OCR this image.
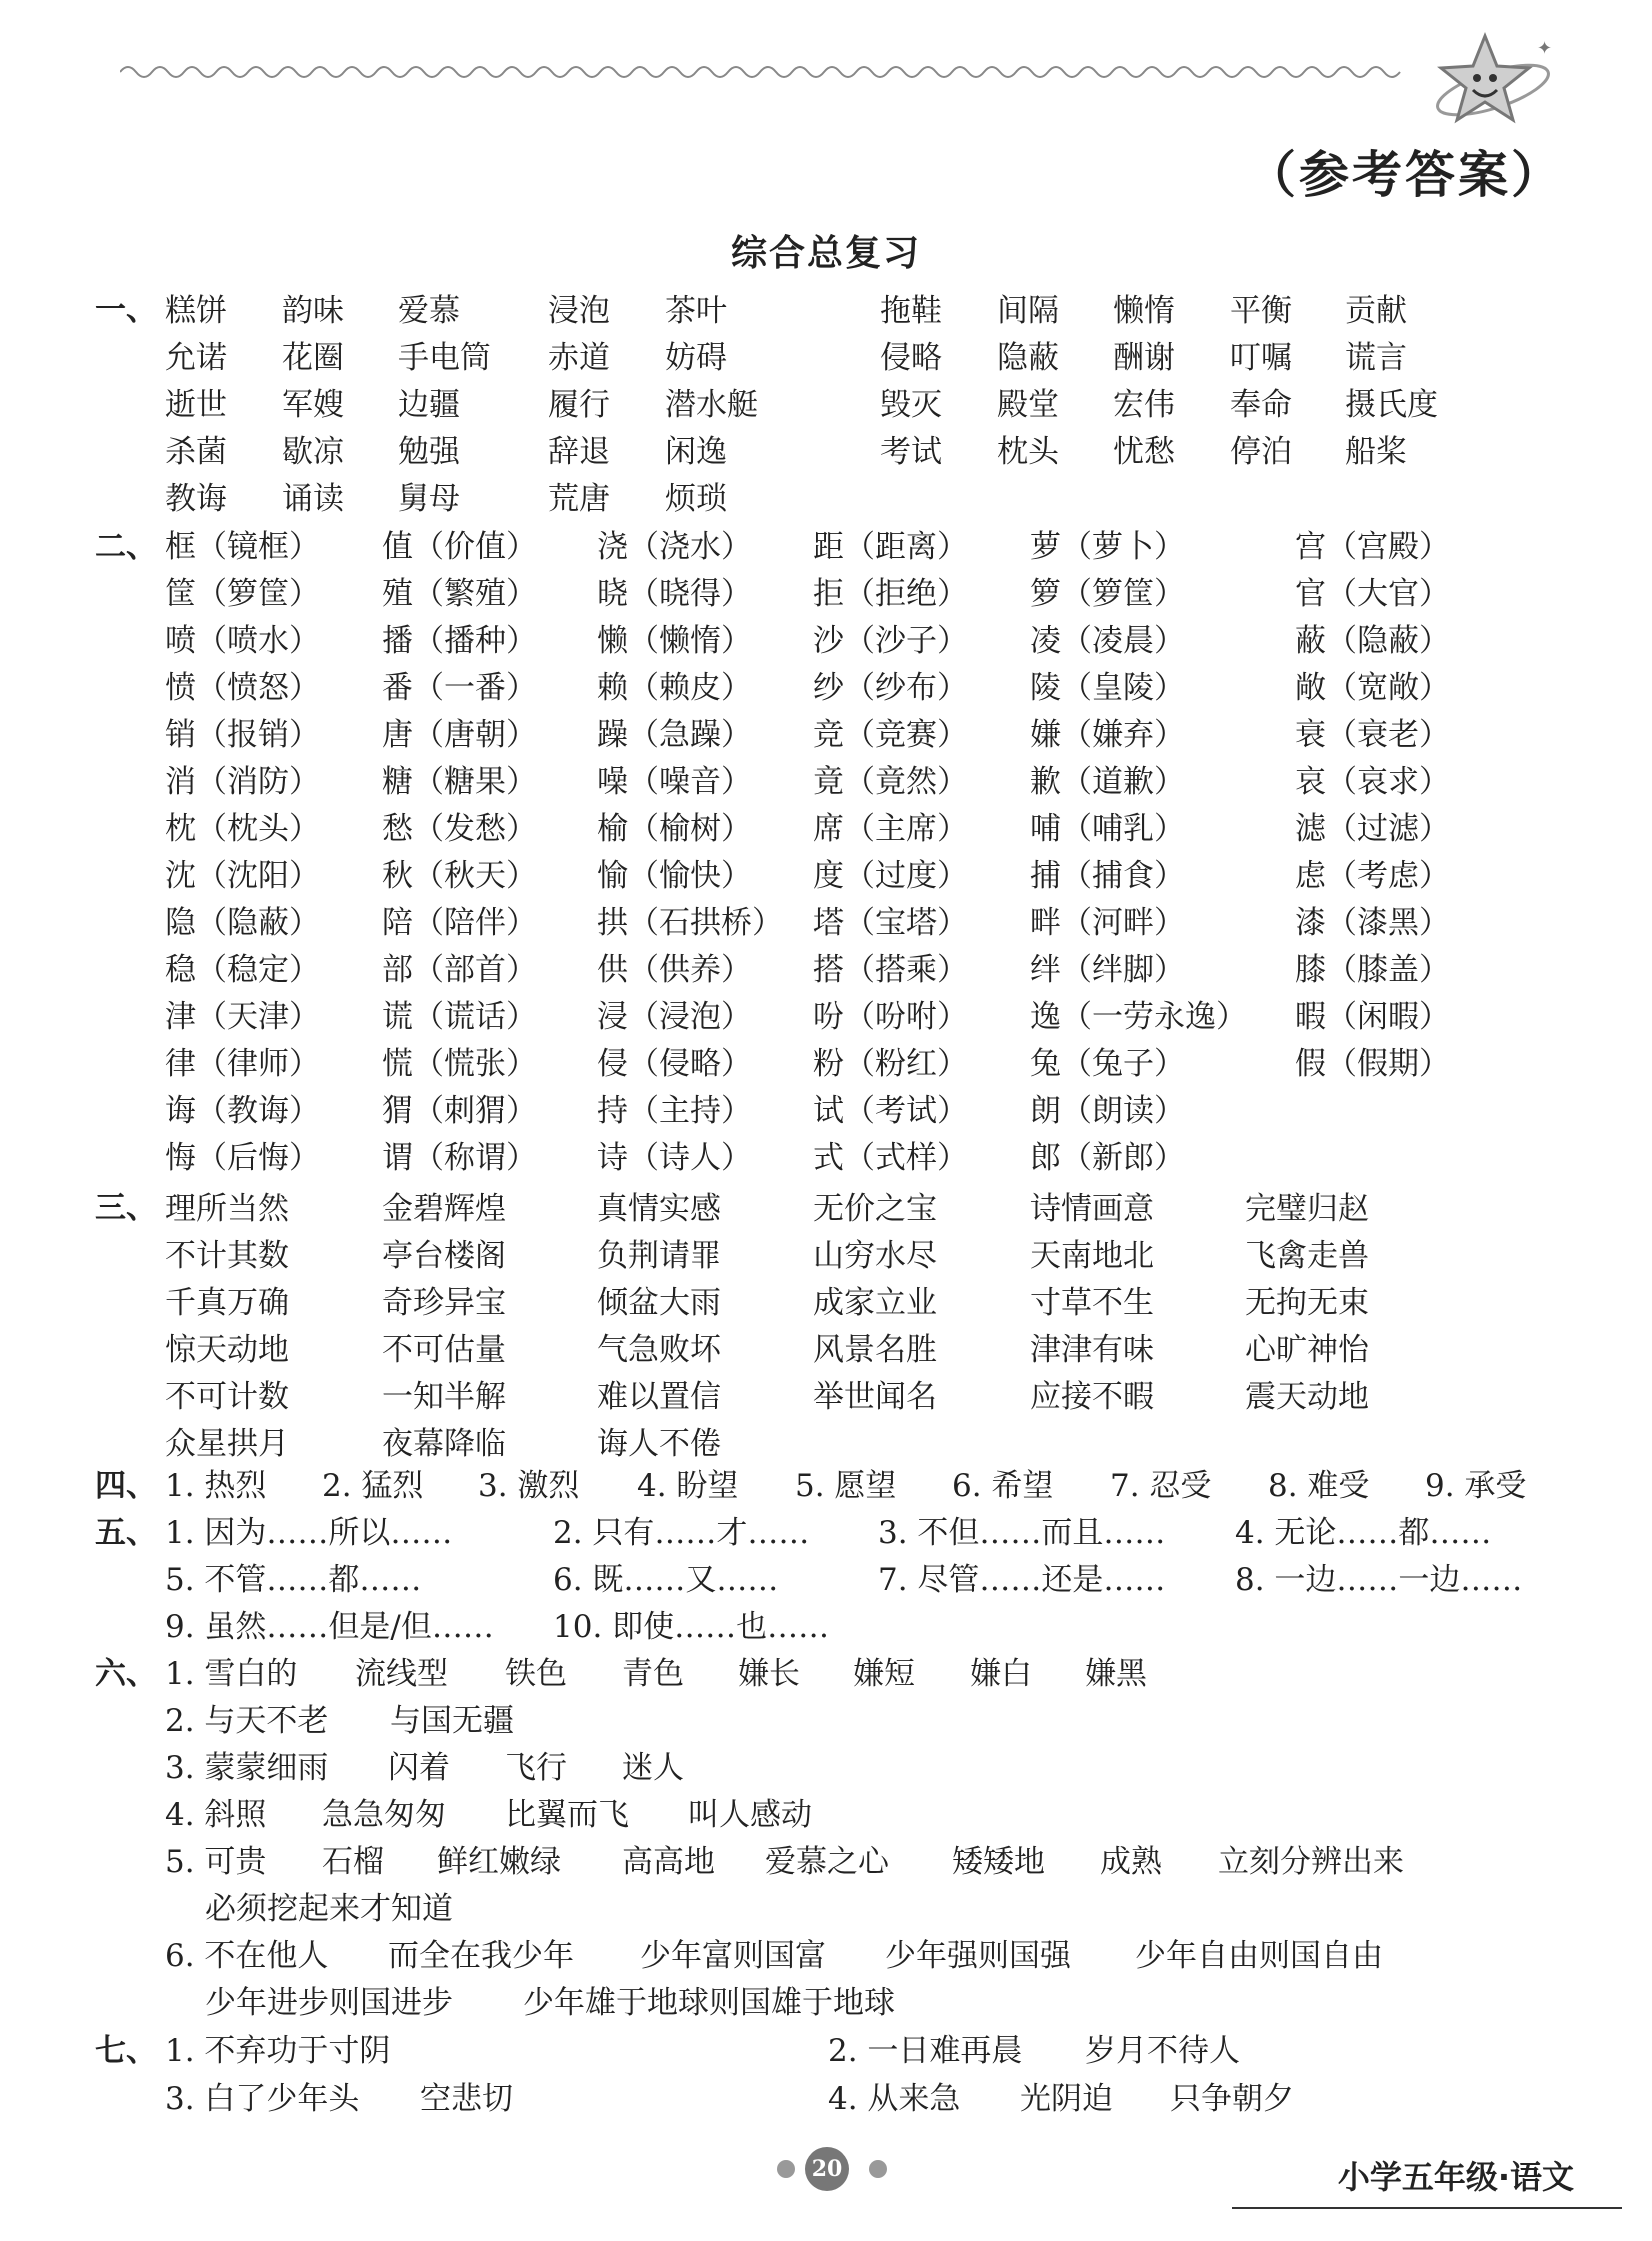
✦
（参考答案）
综合总复习
一、
二、
三、
四、
五、
六、
七、
糕饼 韵味 爱慕	浸泡 茶叶	拖鞋 间隔 懒惰 平衡 贡献
允诺 花圈 手电筒 赤道 妨碍	侵略 隐蔽 酬谢 叮嘱 谎言
逝世 军嫂 边疆	履行 潜水艇	毁灭 殿堂 宏伟 奉命 摄氏度
杀菌 歇凉 勉强	辞退 闲逸	考试 枕头 忧愁 停泊 船桨
教诲 诵读 舅母	荒唐 烦琐
框（镜框） 值（价值） 浇（浇水） 距（距离） 萝（萝卜）	宫（宫殿）
筐（箩筐） 殖（繁殖） 晓（晓得） 拒（拒绝） 箩（箩筐）	官（大官）
喷（喷水） 播（播种） 懒（懒惰） 沙（沙子） 凌（凌晨）	蔽（隐蔽）
愤（愤怒） 番（一番） 赖（赖皮） 纱（纱布） 陵（皇陵）	敞（宽敞）
销（报销） 唐（唐朝） 躁（急躁） 竞（竞赛） 嫌（嫌弃）	衰（衰老）
消（消防） 糖（糖果） 噪（噪音） 竟（竟然） 歉（道歉）	哀（哀求）
枕（枕头） 愁（发愁） 榆（榆树） 席（主席） 哺（哺乳）	滤（过滤）
沈（沈阳） 秋（秋天） 愉（愉快） 度（过度） 捕（捕食）	虑（考虑）
隐（隐蔽） 陪（陪伴） 拱（石拱桥） 塔（宝塔） 畔（河畔）	漆（漆黑）
稳（稳定） 部（部首） 供（供养） 搭（搭乘） 绊（绊脚）	膝（膝盖）
津（天津） 谎（谎话） 浸（浸泡） 吩（吩咐） 逸（一劳永逸） 暇（闲暇）
律（律师） 慌（慌张） 侵（侵略） 粉（粉红） 兔（兔子）	假（假期）
诲（教诲） 猬（刺猬） 持（主持） 试（考试） 朗（朗读）
悔（后悔） 谓（称谓） 诗（诗人） 式（式样） 郎（新郎）
理所当然	金碧辉煌	真情实感	无价之宝	诗情画意	完璧归赵
不计其数	亭台楼阁	负荆请罪	山穷水尽	天南地北	飞禽走兽
千真万确	奇珍异宝	倾盆大雨	成家立业	寸草不生	无拘无束
惊天动地	不可估量	气急败坏	风景名胜	津津有味	心旷神怡
不可计数	一知半解	难以置信	举世闻名	应接不暇	震天动地
众星拱月	夜幕降临	诲人不倦
1. 热烈 2. 猛烈 3. 激烈 4. 盼望 5. 愿望 6. 希望 7. 忍受 8. 难受 9. 承受
1. 因为……所以……	2. 只有……才…… 3. 不但……而且…… 4. 无论……都……
5. 不管……都……	6. 既……又……	7. 尽管……还是…… 8. 一边……一边……
9. 虽然……但是/但…… 10. 即使……也……
1. 雪白的 流线型 铁色 青色 嫌长 嫌短 嫌白 嫌黑
2. 与天不老 与国无疆
3. 蒙蒙细雨 闪着 飞行 迷人
4. 斜照 急急匆匆 比翼而飞 叫人感动
5. 可贵 石榴 鲜红嫩绿 高高地 爱慕之心 矮矮地 成熟 立刻分辨出来
必须挖起来才知道
6. 不在他人 而全在我少年 少年富则国富 少年强则国强 少年自由则国自由
少年进步则国进步 少年雄于地球则国雄于地球
1. 不弃功于寸阴	2. 一日难再晨 岁月不待人
3. 白了少年头 空悲切	4. 从来急 光阴迫 只争朝夕
20	小学五年级·语文
